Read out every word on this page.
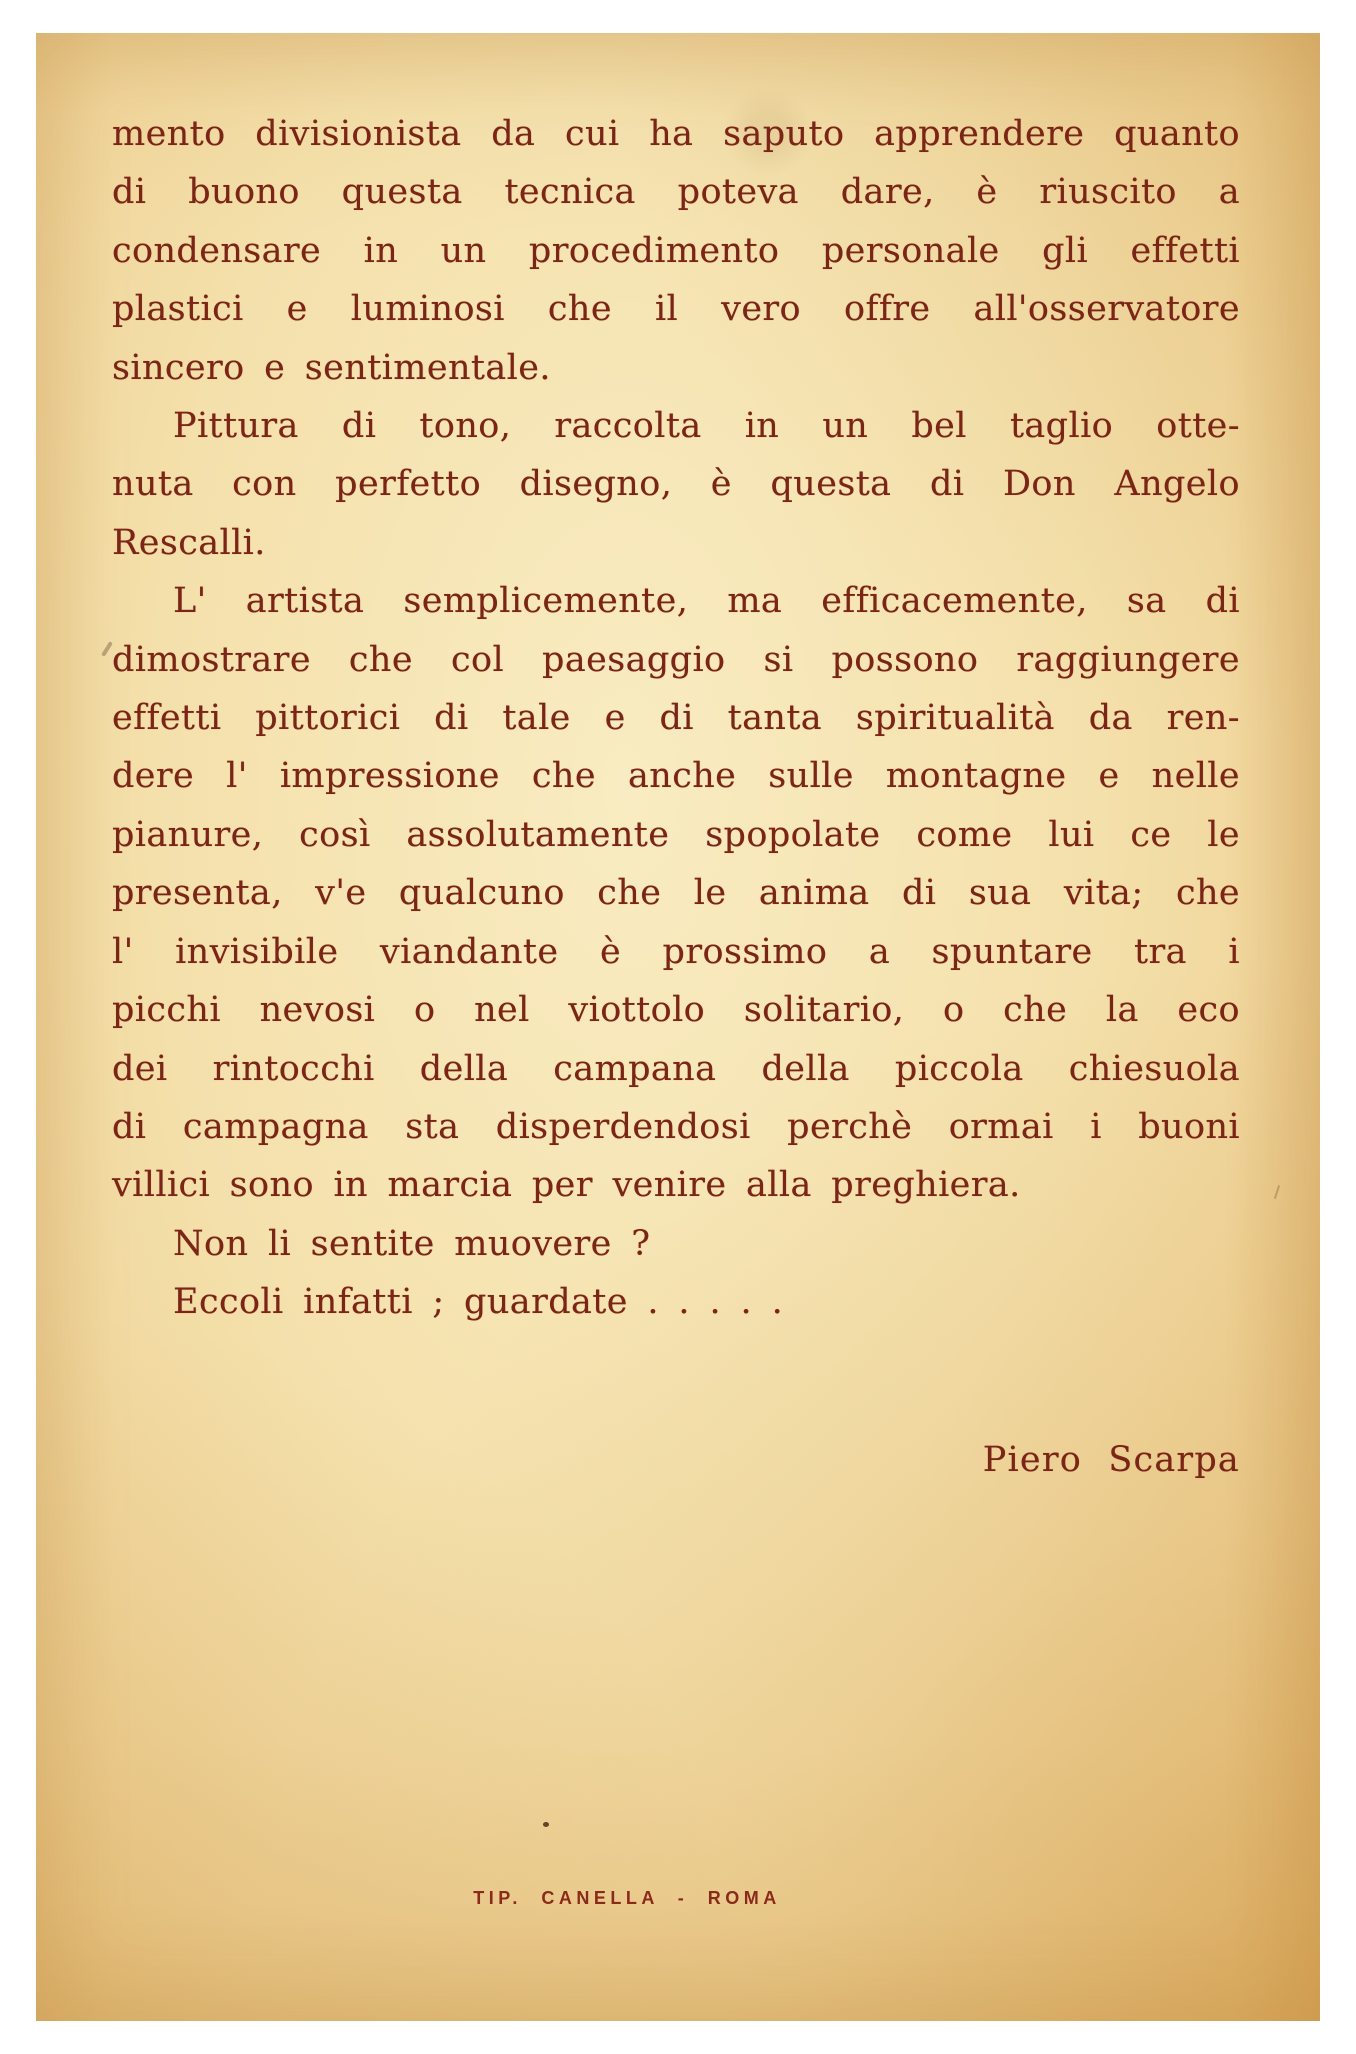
mento divisionista da cui ha saputo apprendere quanto
di buono questa tecnica poteva dare, è riuscito a
condensare in un procedimento personale gli effetti
plastici e luminosi che il vero offre all'osservatore
sincero e sentimentale.
Pittura di tono, raccolta in un bel taglio otte-
nuta con perfetto disegno, è questa di Don Angelo
Rescalli.
L' artista semplicemente, ma efficacemente, sa di
dimostrare che col paesaggio si possono raggiungere
effetti pittorici di tale e di tanta spiritualità da ren-
dere l' impressione che anche sulle montagne e nelle
pianure, così assolutamente spopolate come lui ce le
presenta, v'e qualcuno che le anima di sua vita; che
l' invisibile viandante è prossimo a spuntare tra i
picchi nevosi o nel viottolo solitario, o che la eco
dei rintocchi della campana della piccola chiesuola
di campagna sta disperdendosi perchè ormai i buoni
villici sono in marcia per venire alla preghiera.
Non li sentite muovere ?
Eccoli infatti ; guardate . . . . .
Piero Scarpa
TIP. CANELLA - ROMA
